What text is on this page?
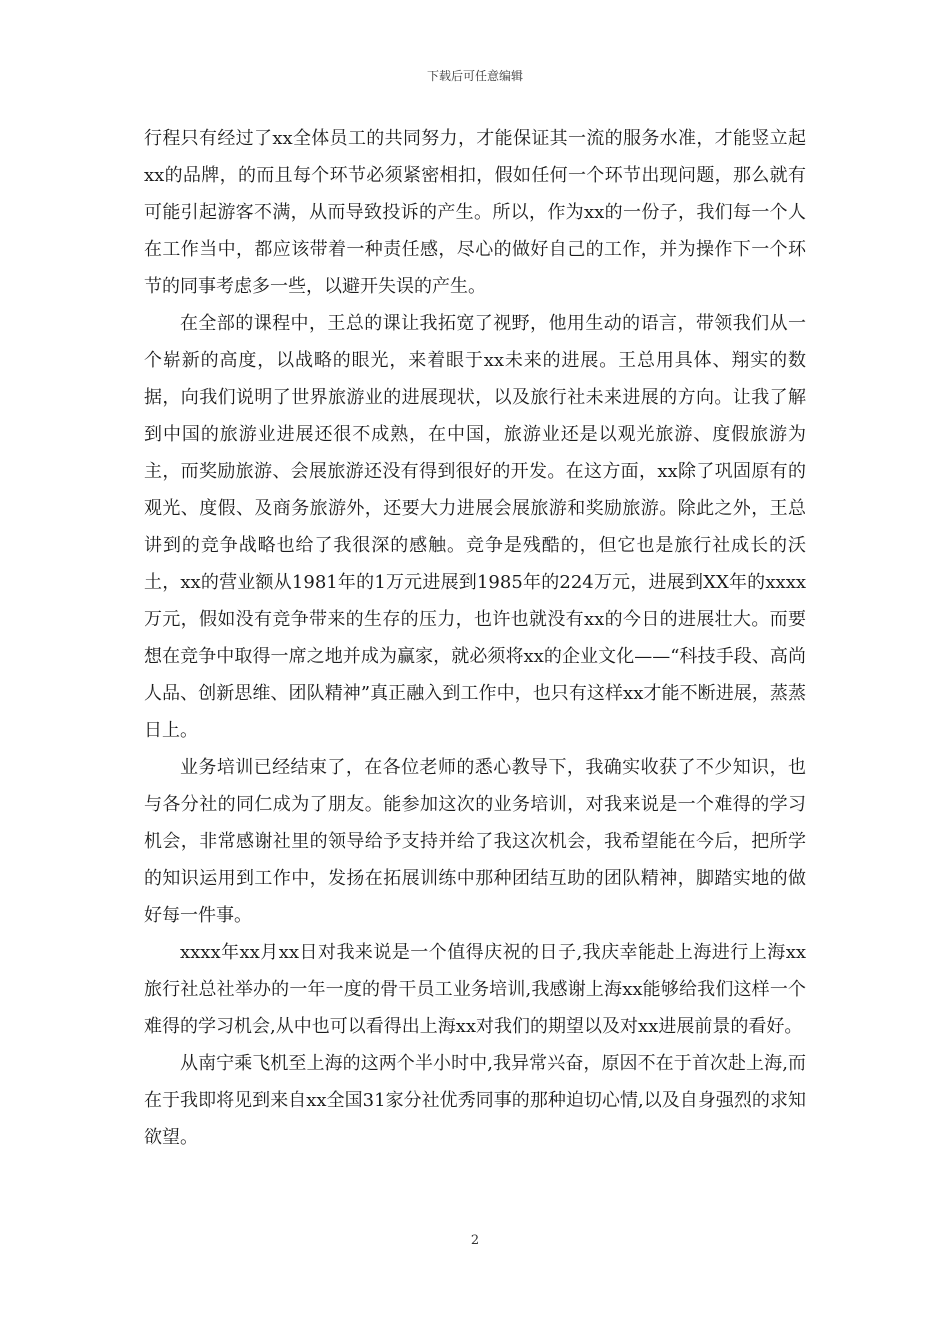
下载后可任意编辑

行程只有经过了xx全体员工的共同努力，才能保证其一流的服务水准，才能竖立起xx的品牌，的而且每个环节必须紧密相扣，假如任何一个环节出现问题，那么就有可能引起游客不满，从而导致投诉的产生。所以，作为xx的一份子，我们每一个人在工作当中，都应该带着一种责任感，尽心的做好自己的工作，并为操作下一个环节的同事考虑多一些，以避开失误的产生。

在全部的课程中，王总的课让我拓宽了视野，他用生动的语言，带领我们从一个崭新的高度，以战略的眼光，来着眼于xx未来的进展。王总用具体、翔实的数据，向我们说明了世界旅游业的进展现状，以及旅行社未来进展的方向。让我了解到中国的旅游业进展还很不成熟，在中国，旅游业还是以观光旅游、度假旅游为主，而奖励旅游、会展旅游还没有得到很好的开发。在这方面，xx除了巩固原有的观光、度假、及商务旅游外，还要大力进展会展旅游和奖励旅游。除此之外，王总讲到的竞争战略也给了我很深的感触。竞争是残酷的，但它也是旅行社成长的沃土，xx的营业额从1981年的1万元进展到1985年的224万元，进展到XX年的xxxx万元，假如没有竞争带来的生存的压力，也许也就没有xx的今日的进展壮大。而要想在竞争中取得一席之地并成为赢家，就必须将xx的企业文化——“科技手段、高尚人品、创新思维、团队精神”真正融入到工作中，也只有这样xx才能不断进展，蒸蒸日上。

业务培训已经结束了，在各位老师的悉心教导下，我确实收获了不少知识，也与各分社的同仁成为了朋友。能参加这次的业务培训，对我来说是一个难得的学习机会，非常感谢社里的领导给予支持并给了我这次机会，我希望能在今后，把所学的知识运用到工作中，发扬在拓展训练中那种团结互助的团队精神，脚踏实地的做好每一件事。

xxxx年xx月xx日对我来说是一个值得庆祝的日子,我庆幸能赴上海进行上海xx旅行社总社举办的一年一度的骨干员工业务培训,我感谢上海xx能够给我们这样一个难得的学习机会,从中也可以看得出上海xx对我们的期望以及对xx进展前景的看好。

从南宁乘飞机至上海的这两个半小时中,我异常兴奋，原因不在于首次赴上海,而在于我即将见到来自xx全国31家分社优秀同事的那种迫切心情,以及自身强烈的求知欲望。

2
